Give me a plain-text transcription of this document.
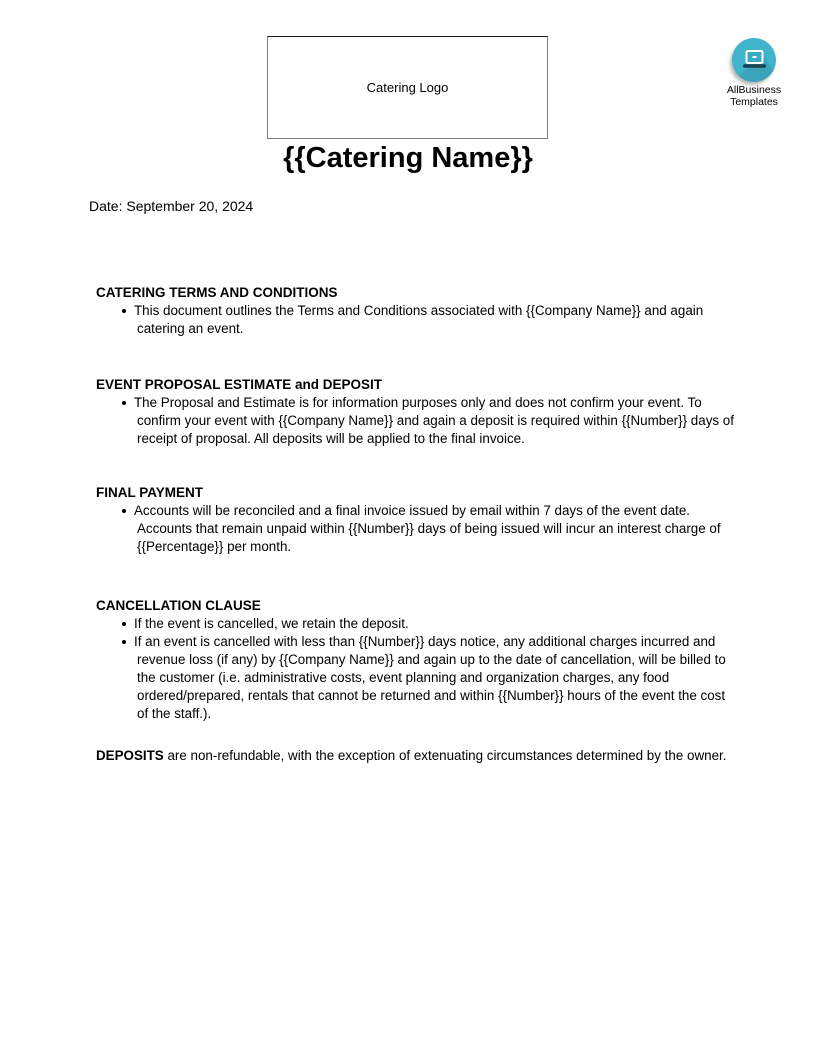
Catering Logo	AllBusiness
Templates
{{Catering Name}}

Date: September 20, 2024

CATERING TERMS AND CONDITIONS
• This document outlines the Terms and Conditions associated with {{Company Name}} and again catering an event.
EVENT PROPOSAL ESTIMATE and DEPOSIT
• The Proposal and Estimate is for information purposes only and does not confirm your event. To confirm your event with {{Company Name}} and again a deposit is required within {{Number}} days of receipt of proposal. All deposits will be applied to the final invoice.
FINAL PAYMENT
• Accounts will be reconciled and a final invoice issued by email within 7 days of the event date. Accounts that remain unpaid within {{Number}} days of being issued will incur an interest charge of {{Percentage}} per month.
CANCELLATION CLAUSE
• If the event is cancelled, we retain the deposit.
• If an event is cancelled with less than {{Number}} days notice, any additional charges incurred and revenue loss (if any) by {{Company Name}} and again up to the date of cancellation, will be billed to the customer (i.e. administrative costs, event planning and organization charges, any food ordered/prepared, rentals that cannot be returned and within {{Number}} hours of the event the cost of the staff.).

DEPOSITS are non-refundable, with the exception of extenuating circumstances determined by the owner.
